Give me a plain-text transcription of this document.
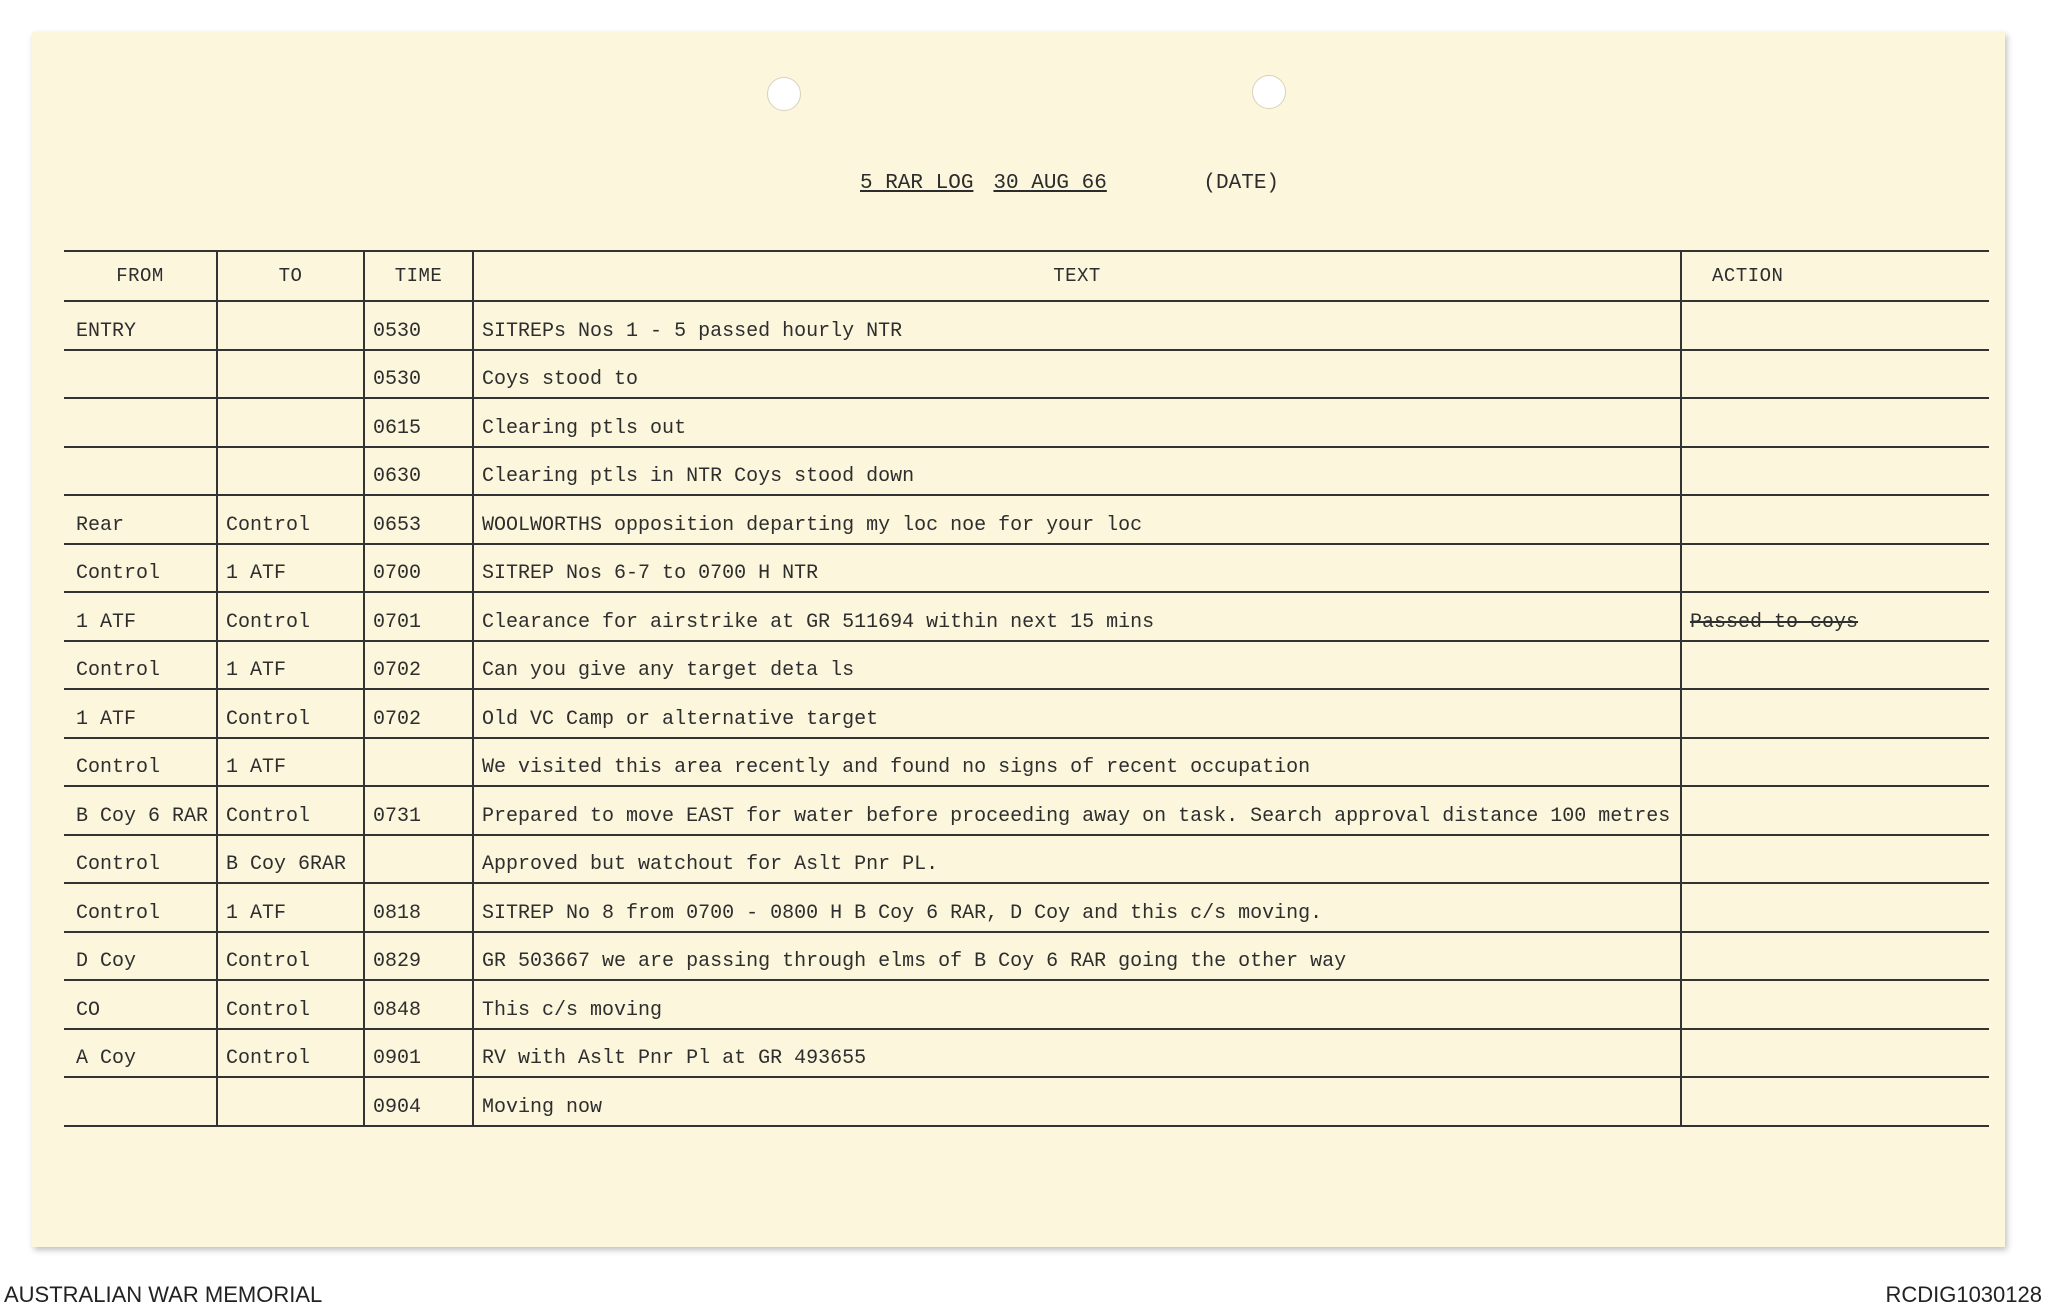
5 RAR LOG 30 AUG 66	(DATE)
FROM	TO	TIME	TEXT	ACTION
ENTRY		0530	SITREPs Nos 1 - 5 passed hourly NTR	
		0530	Coys stood to	
		0615	Clearing ptls out	
		0630	Clearing ptls in NTR Coys stood down	
Rear	Control	0653	WOOLWORTHS opposition departing my loc noe for your loc	
Control	1 ATF	0700	SITREP Nos 6-7 to 0700 H NTR	
1 ATF	Control	0701	Clearance for airstrike at GR 511694 within next 15 mins	Passed to coys
Control	1 ATF	0702	Can you give any target deta ls	
1 ATF	Control	0702	Old VC Camp or alternative target	
Control	1 ATF		We visited this area recently and found no signs of recent occupation	
B Coy 6 RAR	Control	0731	Prepared to move EAST for water before proceeding away on task. Search approval distance 100 metres	
Control	B Coy 6RAR		Approved but watchout for Aslt Pnr PL.	
Control	1 ATF	0818	SITREP No 8 from 0700 - 0800 H B Coy 6 RAR, D Coy and this c/s moving.	
D Coy	Control	0829	GR 503667 we are passing through elms of B Coy 6 RAR going the other way	
CO	Control	0848	This c/s moving	
A Coy	Control	0901	RV with Aslt Pnr Pl at GR 493655	
		0904	Moving now	
AUSTRALIAN WAR MEMORIAL	RCDIG1030128
